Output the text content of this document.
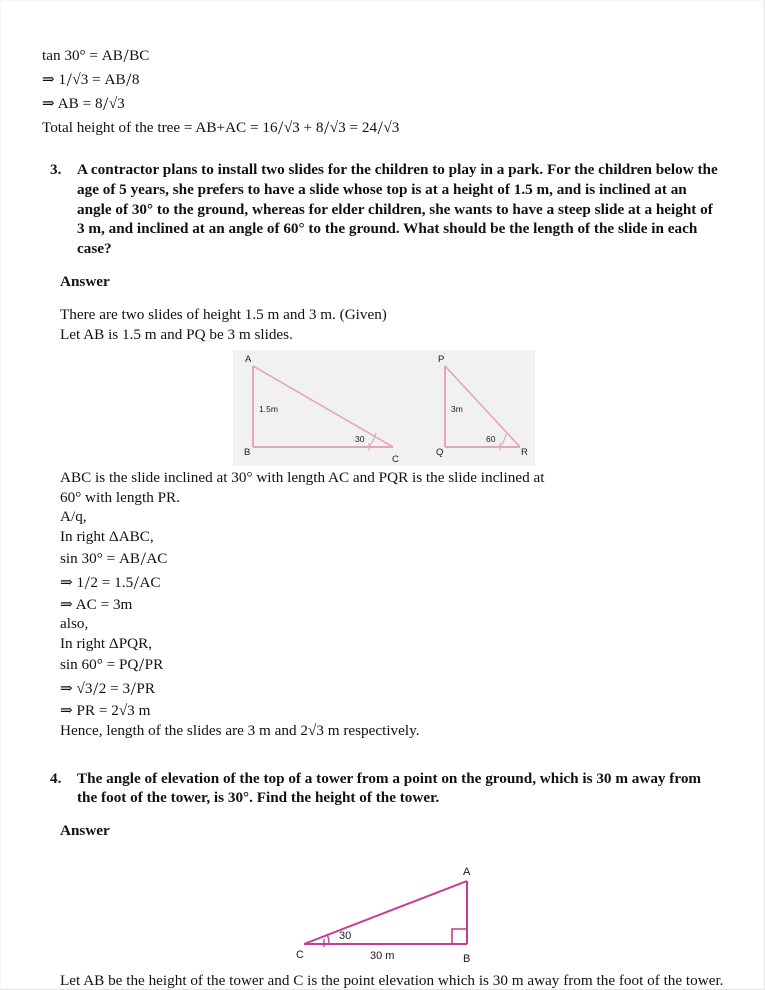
tan 30° = AB/BC
⇒ 1/√3 = AB/8
⇒ AB = 8/√3
Total height of the tree = AB+AC = 16/√3 + 8/√3 = 24/√3
3. A contractor plans to install two slides for the children to play in a park. For the children below the age of 5 years, she prefers to have a slide whose top is at a height of 1.5 m, and is inclined at an angle of 30° to the ground, whereas for elder children, she wants to have a steep slide at a height of 3 m, and inclined at an angle of 60° to the ground. What should be the length of the slide in each case?
Answer
There are two slides of height 1.5 m and 3 m. (Given)
Let AB is 1.5 m and PQ be 3 m slides.
A
B
C
1.5m
30
P
Q	R
3m
60
ABC is the slide inclined at 30° with length AC and PQR is the slide inclined at 60° with length PR.
A/q,
In right ΔABC,
sin 30° = AB/AC
⇒ 1/2 = 1.5/AC
⇒ AC = 3m
also,
In right ΔPQR,
sin 60° = PQ/PR
⇒ √3/2 = 3/PR
⇒ PR = 2√3 m
Hence, length of the slides are 3 m and 2√3 m respectively.
4. The angle of elevation of the top of a tower from a point on the ground, which is 30 m away from the foot of the tower, is 30°. Find the height of the tower.
Answer
A
B
C
30
30 m
Let AB be the height of the tower and C is the point elevation which is 30 m away from the foot of the tower.
